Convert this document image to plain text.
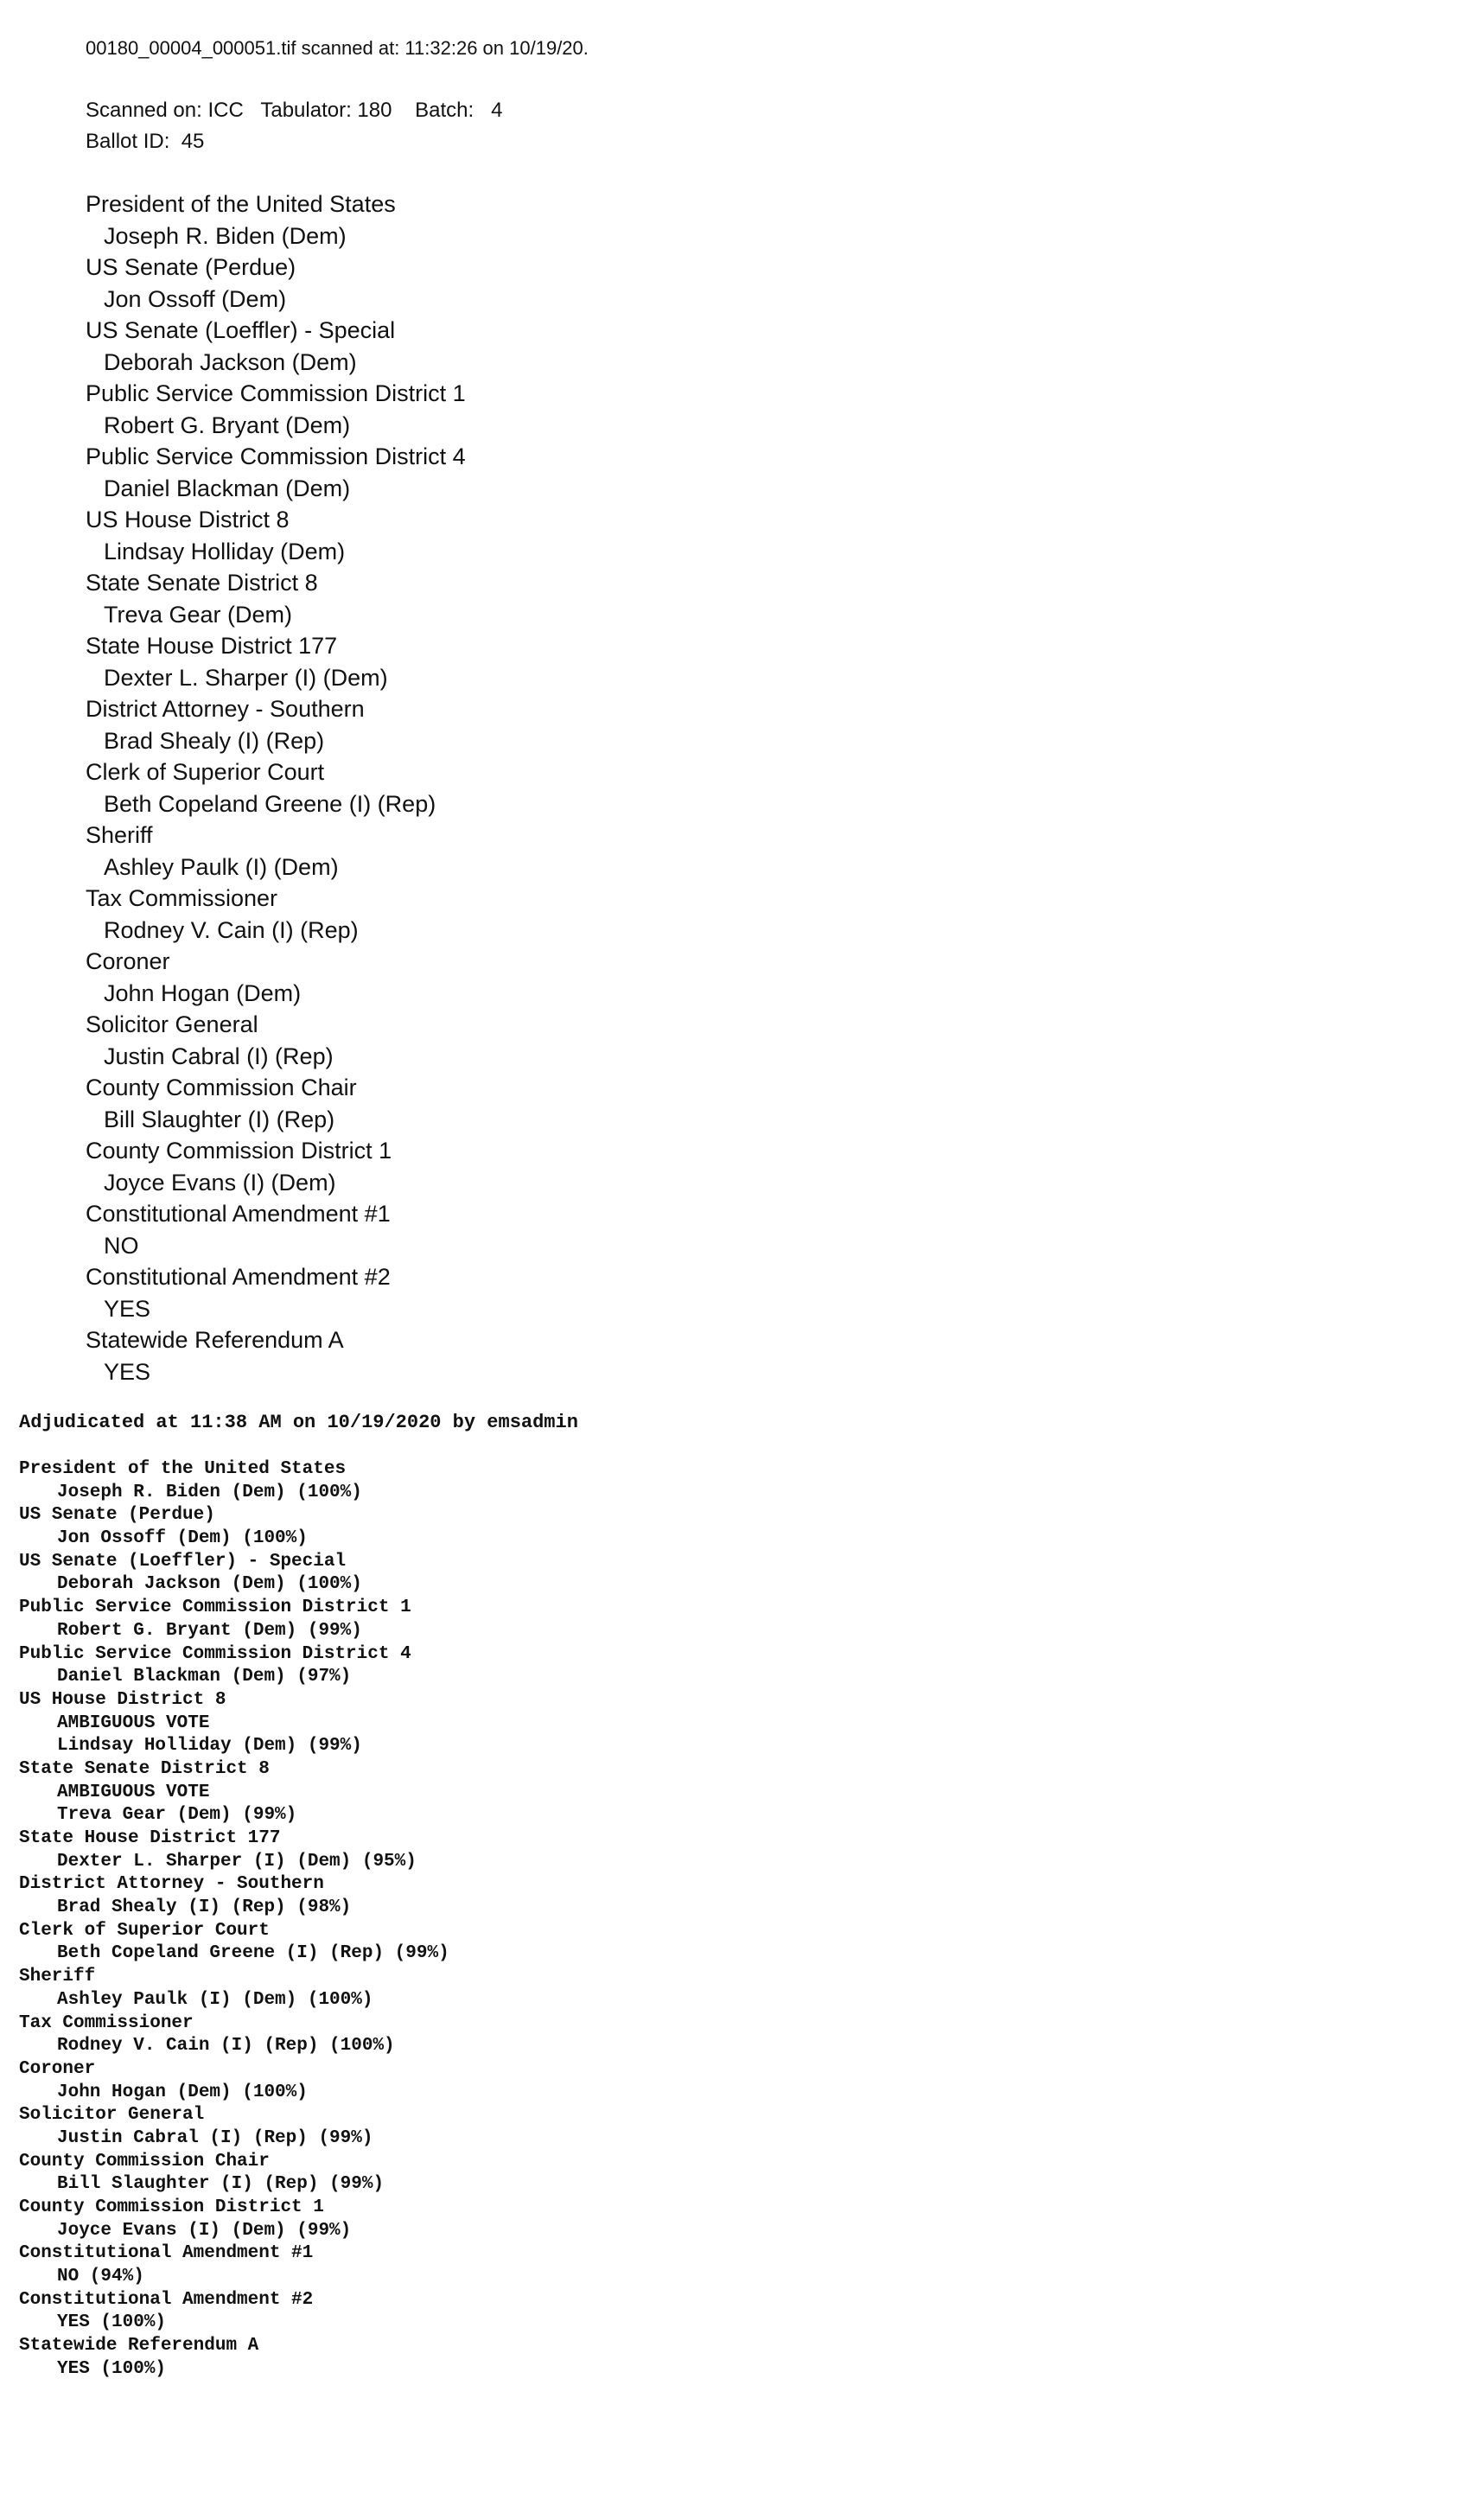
00180_00004_000051.tif scanned at: 11:32:26 on 10/19/20.
Scanned on: ICC   Tabulator: 180    Batch:   4
Ballot ID:  45
President of the United States
Joseph R. Biden (Dem)
US Senate (Perdue)
Jon Ossoff (Dem)
US Senate (Loeffler) - Special
Deborah Jackson (Dem)
Public Service Commission District 1
Robert G. Bryant (Dem)
Public Service Commission District 4
Daniel Blackman (Dem)
US House District 8
Lindsay Holliday (Dem)
State Senate District 8
Treva Gear (Dem)
State House District 177
Dexter L. Sharper (I) (Dem)
District Attorney - Southern
Brad Shealy (I) (Rep)
Clerk of Superior Court
Beth Copeland Greene (I) (Rep)
Sheriff
Ashley Paulk (I) (Dem)
Tax Commissioner
Rodney V. Cain (I) (Rep)
Coroner
John Hogan (Dem)
Solicitor General
Justin Cabral (I) (Rep)
County Commission Chair
Bill Slaughter (I) (Rep)
County Commission District 1
Joyce Evans (I) (Dem)
Constitutional Amendment #1
NO
Constitutional Amendment #2
YES
Statewide Referendum A
YES
Adjudicated at 11:38 AM on 10/19/2020 by emsadmin
President of the United States
Joseph R. Biden (Dem) (100%)
US Senate (Perdue)
Jon Ossoff (Dem) (100%)
US Senate (Loeffler) - Special
Deborah Jackson (Dem) (100%)
Public Service Commission District 1
Robert G. Bryant (Dem) (99%)
Public Service Commission District 4
Daniel Blackman (Dem) (97%)
US House District 8
AMBIGUOUS VOTE
Lindsay Holliday (Dem) (99%)
State Senate District 8
AMBIGUOUS VOTE
Treva Gear (Dem) (99%)
State House District 177
Dexter L. Sharper (I) (Dem) (95%)
District Attorney - Southern
Brad Shealy (I) (Rep) (98%)
Clerk of Superior Court
Beth Copeland Greene (I) (Rep) (99%)
Sheriff
Ashley Paulk (I) (Dem) (100%)
Tax Commissioner
Rodney V. Cain (I) (Rep) (100%)
Coroner
John Hogan (Dem) (100%)
Solicitor General
Justin Cabral (I) (Rep) (99%)
County Commission Chair
Bill Slaughter (I) (Rep) (99%)
County Commission District 1
Joyce Evans (I) (Dem) (99%)
Constitutional Amendment #1
NO (94%)
Constitutional Amendment #2
YES (100%)
Statewide Referendum A
YES (100%)
